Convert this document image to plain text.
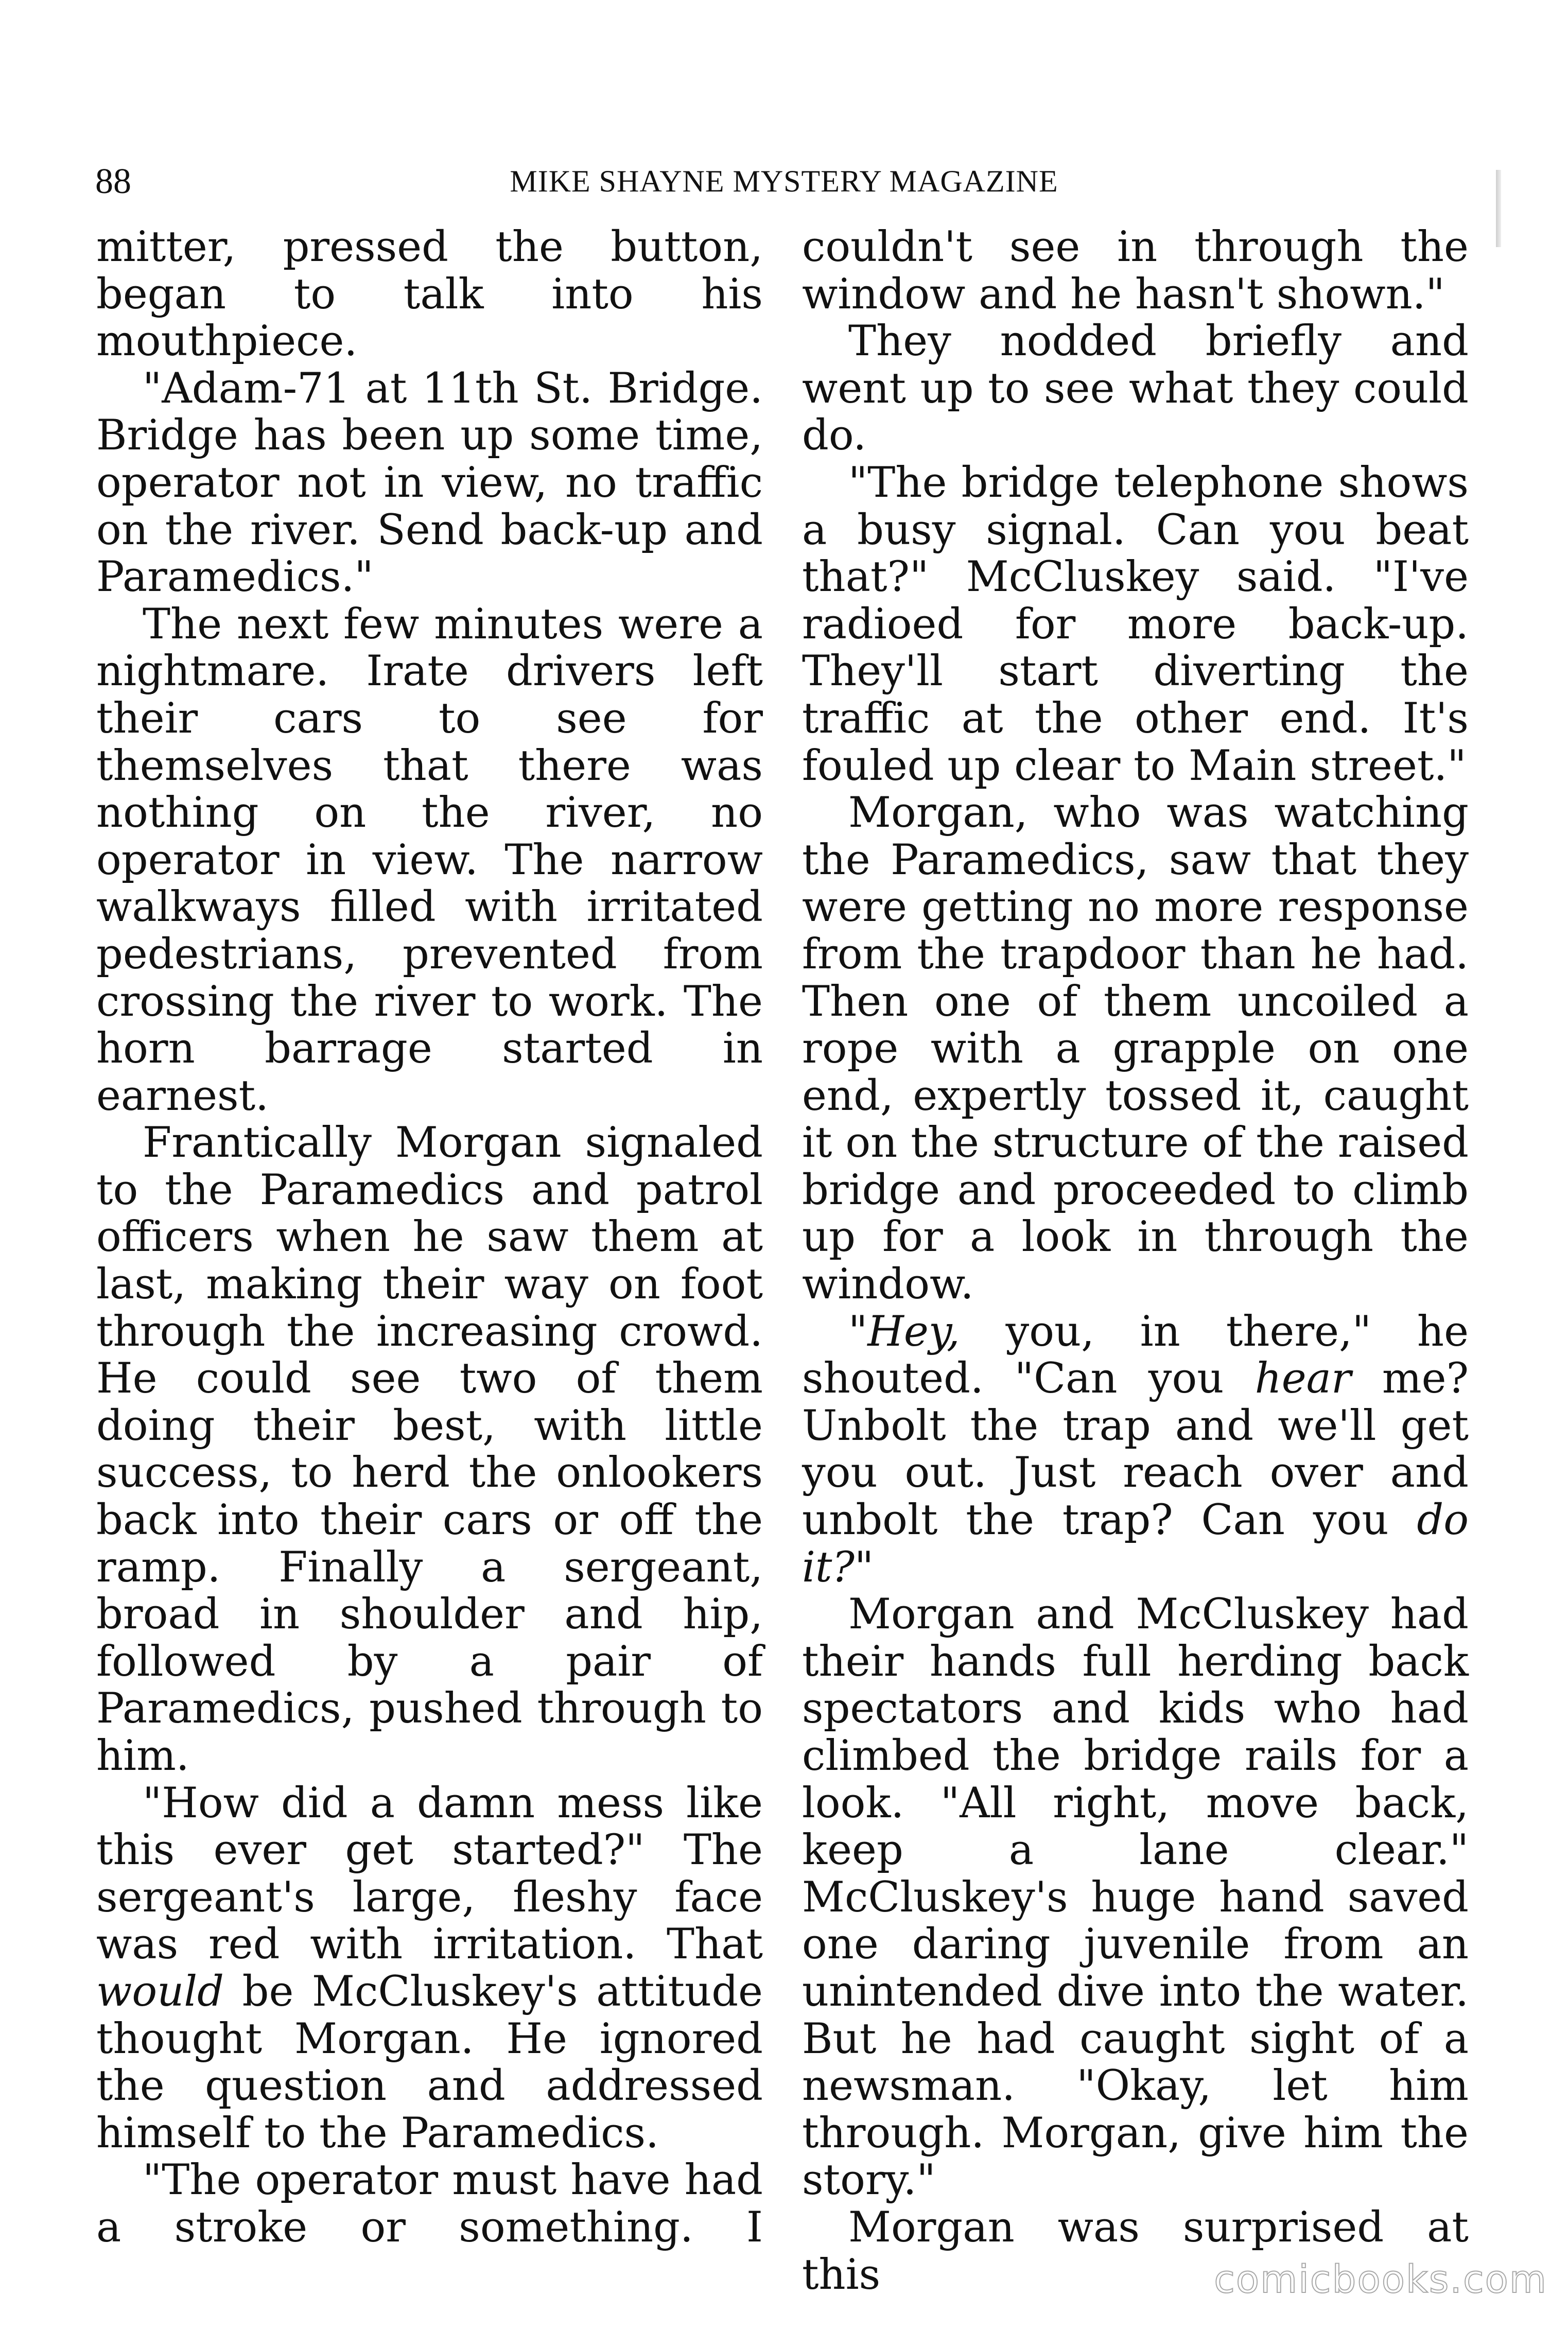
88	MIKE SHAYNE MYSTERY MAGAZINE

mitter, pressed the button, began to talk into his mouthpiece.

"Adam-71 at 11th St. Bridge. Bridge has been up some time, operator not in view, no traffic on the river. Send back-up and Paramedics."

The next few minutes were a nightmare. Irate drivers left their cars to see for themselves that there was nothing on the river, no operator in view. The narrow walkways filled with irritated pedestrians, prevented from crossing the river to work. The horn barrage started in earnest.

Frantically Morgan signaled to the Paramedics and patrol officers when he saw them at last, making their way on foot through the increasing crowd. He could see two of them doing their best, with little success, to herd the onlookers back into their cars or off the ramp. Finally a sergeant, broad in shoulder and hip, followed by a pair of Paramedics, pushed through to him.

"How did a damn mess like this ever get started?" The sergeant's large, fleshy face was red with irritation. That would be McCluskey's attitude thought Morgan. He ignored the question and addressed himself to the Paramedics.

"The operator must have had a stroke or something. I

couldn't see in through the window and he hasn't shown."

They nodded briefly and went up to see what they could do.

"The bridge telephone shows a busy signal. Can you beat that?" McCluskey said. "I've radioed for more back-up. They'll start diverting the traffic at the other end. It's fouled up clear to Main street."

Morgan, who was watching the Paramedics, saw that they were getting no more response from the trapdoor than he had. Then one of them uncoiled a rope with a grapple on one end, expertly tossed it, caught it on the structure of the raised bridge and proceeded to climb up for a look in through the window.

"Hey, you, in there," he shouted. "Can you hear me? Unbolt the trap and we'll get you out. Just reach over and unbolt the trap? Can you do it?"

Morgan and McCluskey had their hands full herding back spectators and kids who had climbed the bridge rails for a look. "All right, move back, keep a lane clear." McCluskey's huge hand saved one daring juvenile from an unintended dive into the water. But he had caught sight of a newsman. "Okay, let him through. Morgan, give him the story."

Morgan was surprised at this	comicbooks.com
